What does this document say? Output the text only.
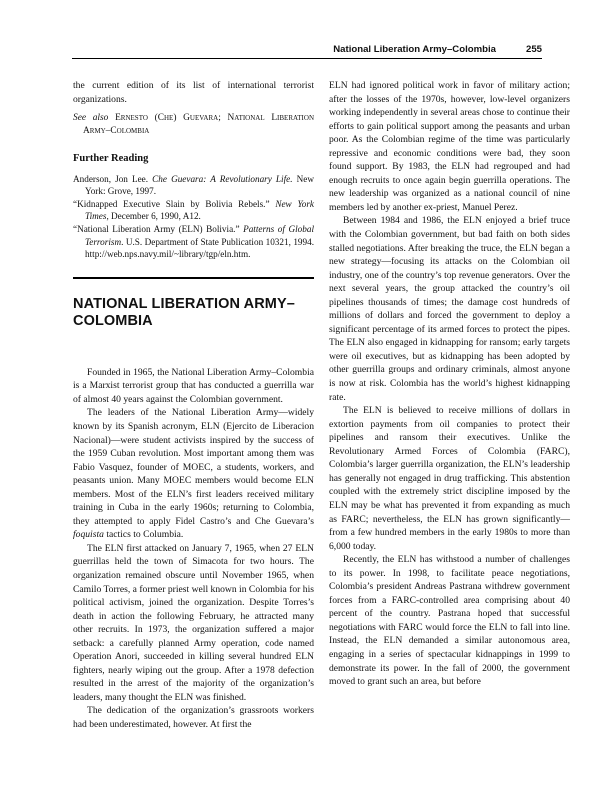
National Liberation Army–Colombia	255

the current edition of its list of international terrorist organizations.

See also Ernesto (Che) Guevara; National Liberation Army–Colombia

Further Reading

Anderson, Jon Lee. Che Guevara: A Revolutionary Life. New York: Grove, 1997.

“Kidnapped Executive Slain by Bolivia Rebels.” New York Times, December 6, 1990, A12.

“National Liberation Army (ELN) Bolivia.” Patterns of Global Terrorism. U.S. Department of State Publication 10321, 1994. http://web.nps.navy.mil/~library/tgp/eln.htm.

NATIONAL LIBERATION ARMY–COLOMBIA

Founded in 1965, the National Liberation Army–Colombia is a Marxist terrorist group that has conducted a guerrilla war of almost 40 years against the Colombian government.

The leaders of the National Liberation Army—widely known by its Spanish acronym, ELN (Ejercito de Liberacion Nacional)—were student activists inspired by the success of the 1959 Cuban revolution. Most important among them was Fabio Vasquez, founder of MOEC, a students, workers, and peasants union. Many MOEC members would become ELN members. Most of the ELN’s first leaders received military training in Cuba in the early 1960s; returning to Colombia, they attempted to apply Fidel Castro’s and Che Guevara’s foquista tactics to Columbia.

The ELN first attacked on January 7, 1965, when 27 ELN guerrillas held the town of Simacota for two hours. The organization remained obscure until November 1965, when Camilo Torres, a former priest well known in Colombia for his political activism, joined the organization. Despite Torres’s death in action the following February, he attracted many other recruits. In 1973, the organization suffered a major setback: a carefully planned Army operation, code named Operation Anori, succeeded in killing several hundred ELN fighters, nearly wiping out the group. After a 1978 defection resulted in the arrest of the majority of the organization’s leaders, many thought the ELN was finished.

The dedication of the organization’s grassroots workers had been underestimated, however. At first the

ELN had ignored political work in favor of military action; after the losses of the 1970s, however, low-level organizers working independently in several areas chose to continue their efforts to gain political support among the peasants and urban poor. As the Colombian regime of the time was particularly repressive and economic conditions were bad, they soon found support. By 1983, the ELN had regrouped and had enough recruits to once again begin guerrilla operations. The new leadership was organized as a national council of nine members led by another ex-priest, Manuel Perez.

Between 1984 and 1986, the ELN enjoyed a brief truce with the Colombian government, but bad faith on both sides stalled negotiations. After breaking the truce, the ELN began a new strategy—focusing its attacks on the Colombian oil industry, one of the country’s top revenue generators. Over the next several years, the group attacked the country’s oil pipelines thousands of times; the damage cost hundreds of millions of dollars and forced the government to deploy a significant percentage of its armed forces to protect the pipes. The ELN also engaged in kidnapping for ransom; early targets were oil executives, but as kidnapping has been adopted by other guerrilla groups and ordinary criminals, almost anyone is now at risk. Colombia has the world’s highest kidnapping rate.

The ELN is believed to receive millions of dollars in extortion payments from oil companies to protect their pipelines and ransom their executives. Unlike the Revolutionary Armed Forces of Colombia (FARC), Colombia’s larger guerrilla organization, the ELN’s leadership has generally not engaged in drug trafficking. This abstention coupled with the extremely strict discipline imposed by the ELN may be what has prevented it from expanding as much as FARC; nevertheless, the ELN has grown significantly—from a few hundred members in the early 1980s to more than 6,000 today.

Recently, the ELN has withstood a number of challenges to its power. In 1998, to facilitate peace negotiations, Colombia’s president Andreas Pastrana withdrew government forces from a FARC-controlled area comprising about 40 percent of the country. Pastrana hoped that successful negotiations with FARC would force the ELN to fall into line. Instead, the ELN demanded a similar autonomous area, engaging in a series of spectacular kidnappings in 1999 to demonstrate its power. In the fall of 2000, the government moved to grant such an area, but before
